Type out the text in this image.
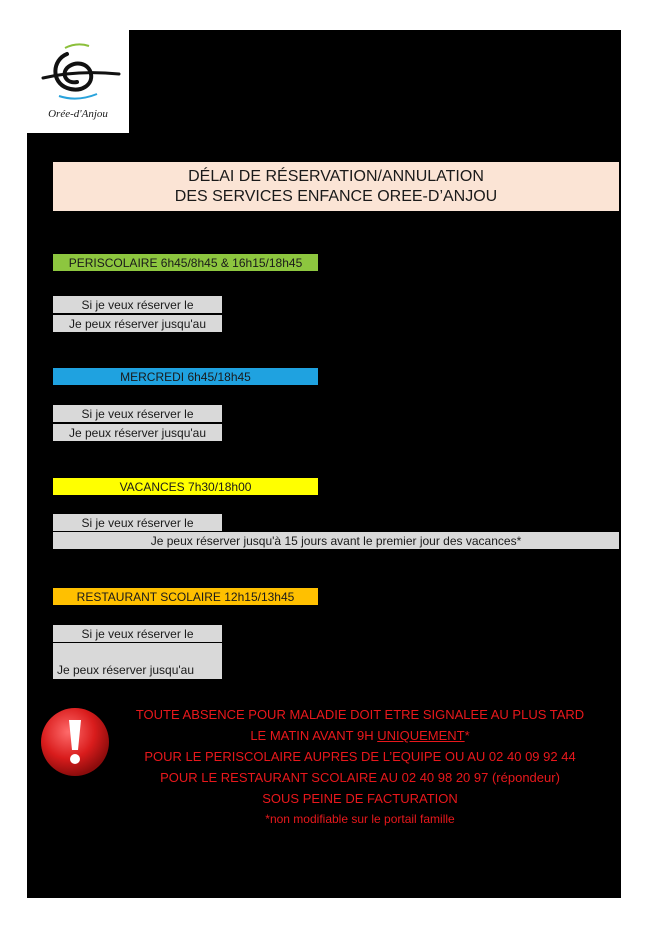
Orée-d'Anjou
DÉLAI DE RÉSERVATION/ANNULATION
DES SERVICES ENFANCE OREE-D’ANJOU
PERISCOLAIRE 6h45/8h45 & 16h15/18h45
Si je veux réserver le
Je peux réserver jusqu'au
MERCREDI 6h45/18h45
Si je veux réserver le
Je peux réserver jusqu'au
VACANCES 7h30/18h00
Si je veux réserver le
Je peux réserver jusqu'à 15 jours avant le premier jour des vacances*
RESTAURANT SCOLAIRE 12h15/13h45
Si je veux réserver le
Je peux réserver jusqu'au
TOUTE ABSENCE POUR MALADIE DOIT ETRE SIGNALEE AU PLUS TARD
LE MATIN AVANT 9H UNIQUEMENT*
POUR LE PERISCOLAIRE AUPRES DE L’EQUIPE OU AU 02 40 09 92 44
POUR LE RESTAURANT SCOLAIRE AU 02 40 98 20 97 (répondeur)
SOUS PEINE DE FACTURATION
*non modifiable sur le portail famille
